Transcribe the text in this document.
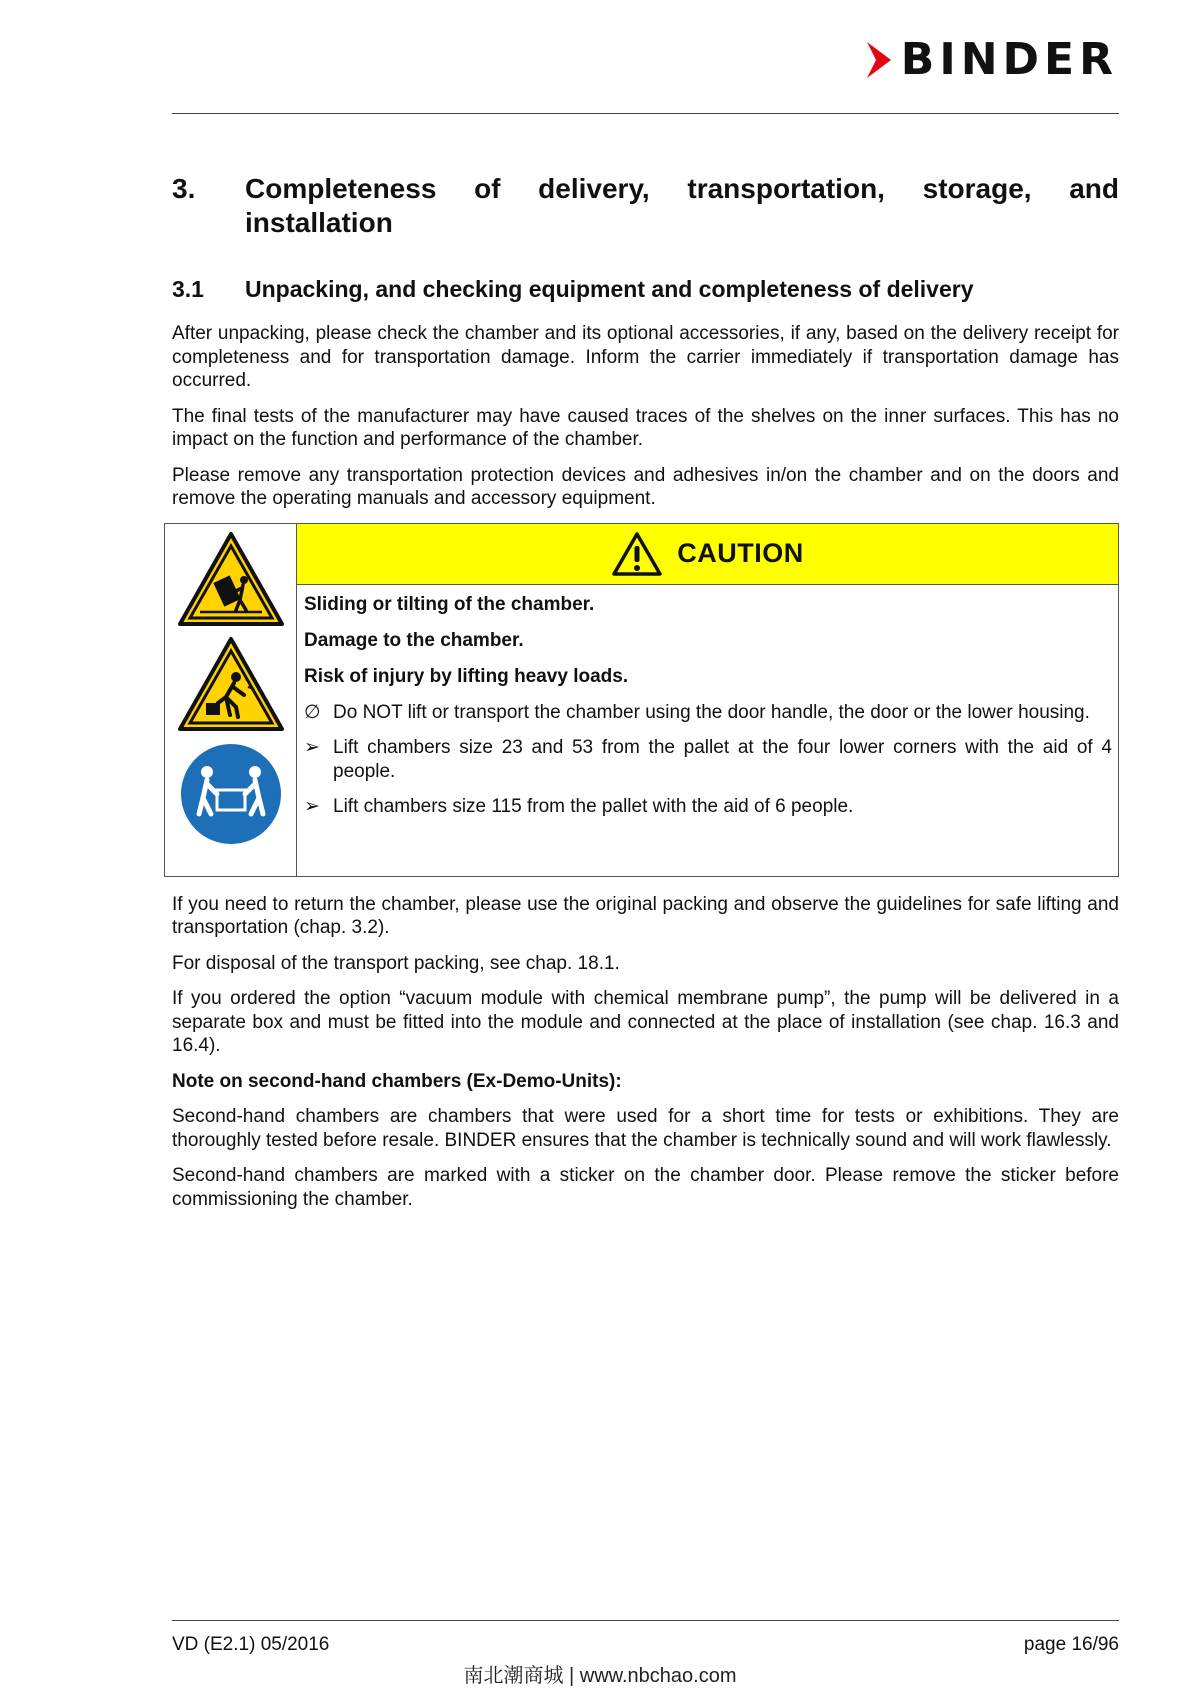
BINDER
3.	Completeness of delivery, transportation, storage, and installation
3.1	Unpacking, and checking equipment and completeness of delivery

After unpacking, please check the chamber and its optional accessories, if any, based on the delivery receipt for completeness and for transportation damage. Inform the carrier immediately if transportation damage has occurred.

The final tests of the manufacturer may have caused traces of the shelves on the inner surfaces. This has no impact on the function and performance of the chamber.

Please remove any transportation protection devices and adhesives in/on the chamber and on the doors and remove the operating manuals and accessory equipment.

CAUTION
Sliding or tilting of the chamber.
Damage to the chamber.
Risk of injury by lifting heavy loads.
∅ Do NOT lift or transport the chamber using the door handle, the door or the lower housing.
➢ Lift chambers size 23 and 53 from the pallet at the four lower corners with the aid of 4 people.
➢ Lift chambers size 115 from the pallet with the aid of 6 people.

If you need to return the chamber, please use the original packing and observe the guidelines for safe lifting and transportation (chap. 3.2).

For disposal of the transport packing, see chap. 18.1.

If you ordered the option “vacuum module with chemical membrane pump”, the pump will be delivered in a separate box and must be fitted into the module and connected at the place of installation (see chap. 16.3 and 16.4).

Note on second-hand chambers (Ex-Demo-Units):

Second-hand chambers are chambers that were used for a short time for tests or exhibitions. They are thoroughly tested before resale. BINDER ensures that the chamber is technically sound and will work flawlessly.

Second-hand chambers are marked with a sticker on the chamber door. Please remove the sticker before commissioning the chamber.

VD (E2.1) 05/2016	page 16/96
南北潮商城 | www.nbchao.com
